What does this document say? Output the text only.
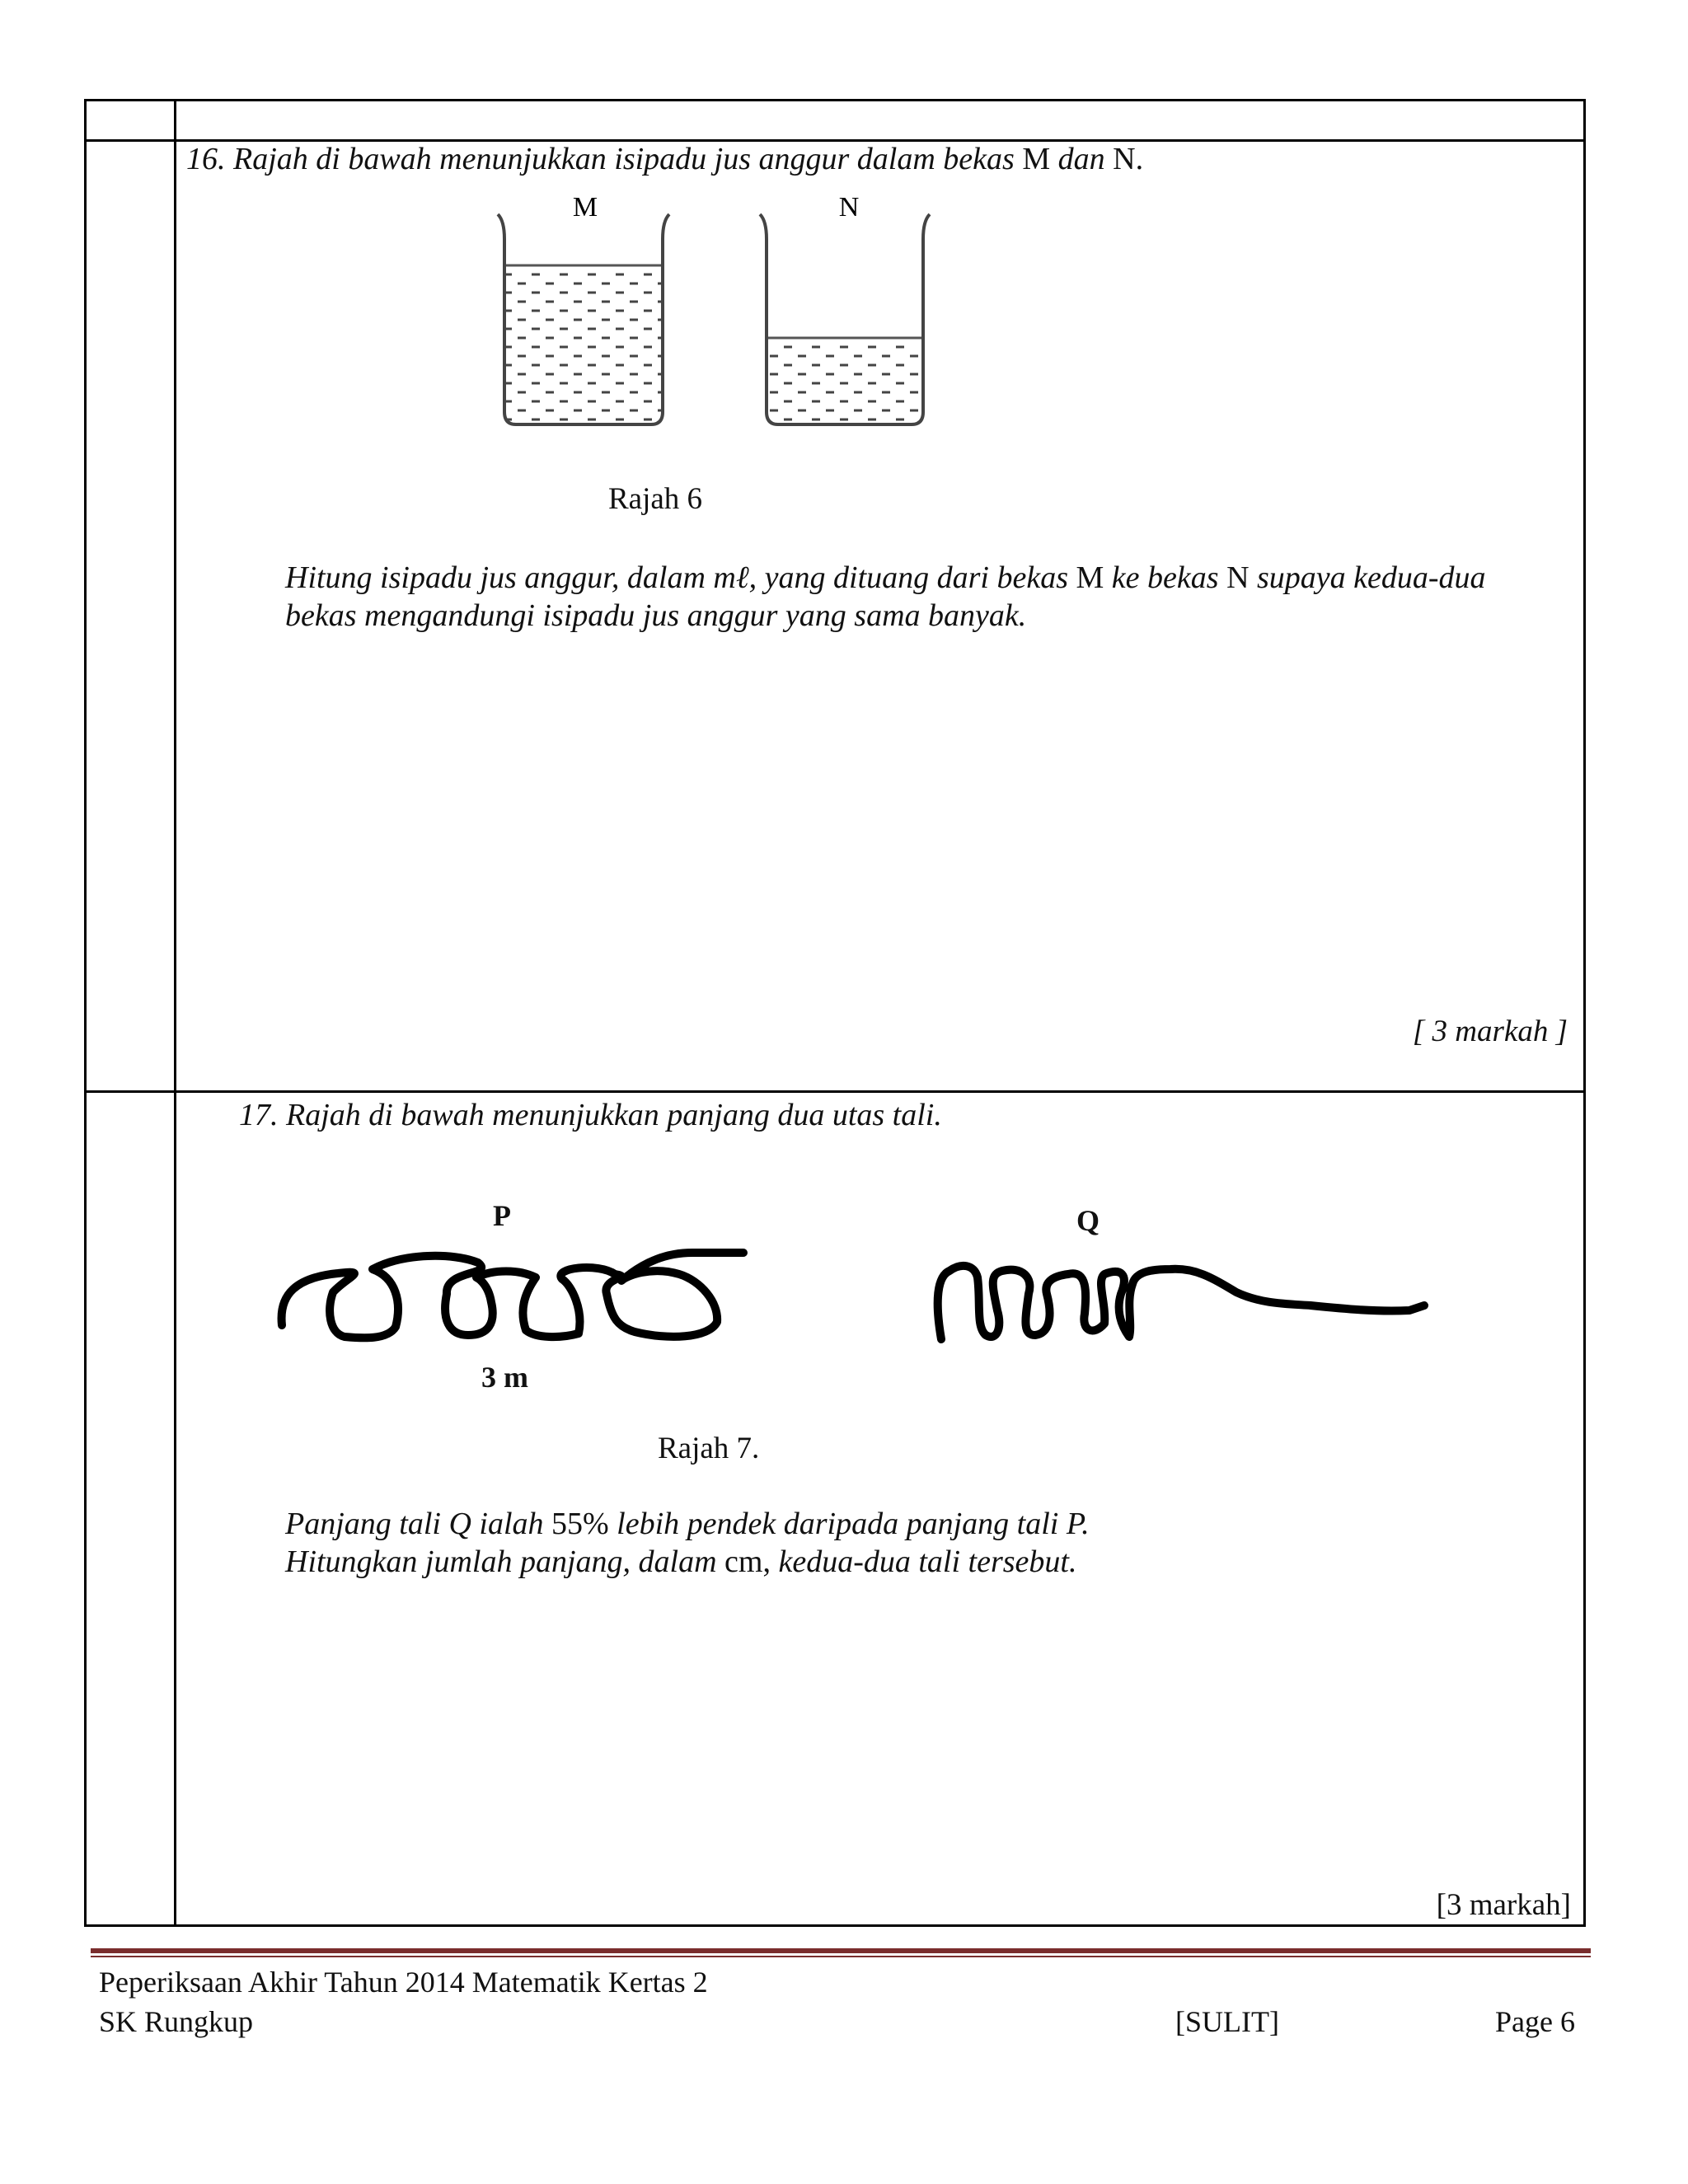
16. Rajah di bawah menunjukkan isipadu jus anggur dalam bekas M dan N.
M	N
Rajah 6
Hitung isipadu jus anggur, dalam mℓ, yang dituang dari bekas M ke bekas N supaya kedua-dua
bekas mengandungi isipadu jus anggur yang sama banyak.
[ 3 markah ]
17. Rajah di bawah menunjukkan panjang dua utas tali.
P	Q
3 m
Rajah 7.
Panjang tali Q ialah 55% lebih pendek daripada panjang tali P.
Hitungkan jumlah panjang, dalam cm, kedua-dua tali tersebut.
[3 markah]
Peperiksaan Akhir Tahun 2014 Matematik Kertas 2
SK Rungkup	[SULIT]	Page 6
